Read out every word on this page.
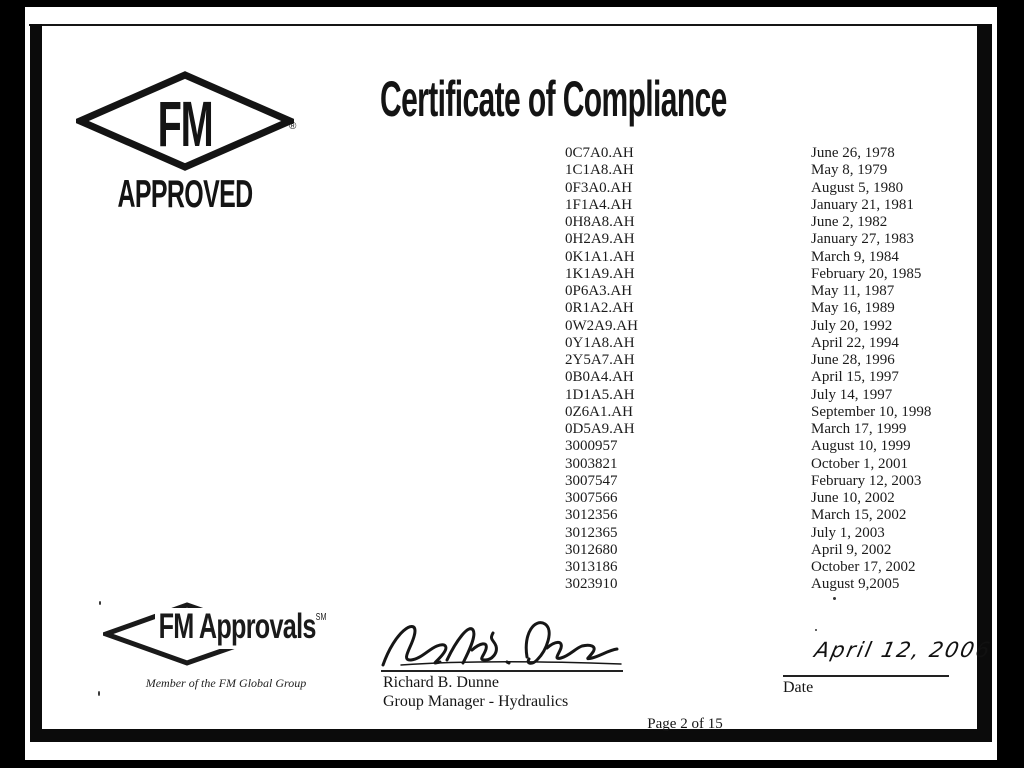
FM	®
APPROVED
Certificate of Compliance
0C7A0.AH	June 26, 1978
1C1A8.AH	May 8, 1979
0F3A0.AH	August 5, 1980
1F1A4.AH	January 21, 1981
0H8A8.AH	June 2, 1982
0H2A9.AH	January 27, 1983
0K1A1.AH	March 9, 1984
1K1A9.AH	February 20, 1985
0P6A3.AH	May 11, 1987
0R1A2.AH	May 16, 1989
0W2A9.AH	July 20, 1992
0Y1A8.AH	April 22, 1994
2Y5A7.AH	June 28, 1996
0B0A4.AH	April 15, 1997
1D1A5.AH	July 14, 1997
0Z6A1.AH	September 10, 1998
0D5A9.AH	March 17, 1999
3000957	August 10, 1999
3003821	October 1, 2001
3007547	February 12, 2003
3007566	June 10, 2002
3012356	March 15, 2002
3012365	July 1, 2003
3012680	April 9, 2002
3013186	October 17, 2002
3023910	August 9,2005
FM Approvals℠
Member of the FM Global Group	Richard B. Dunne
Group Manager - Hydraulics
April 12, 2006
Date
Page 2 of 15
